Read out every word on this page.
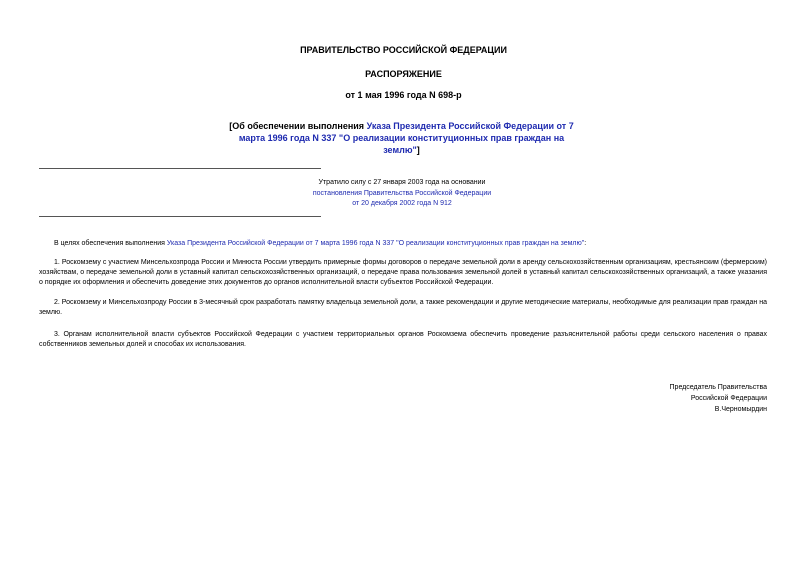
ПРАВИТЕЛЬСТВО РОССИЙСКОЙ ФЕДЕРАЦИИ
РАСПОРЯЖЕНИЕ
от 1 мая 1996 года N 698-р
[Об обеспечении выполнения Указа Президента Российской Федерации от 7 марта 1996 года N 337 "О реализации конституционных прав граждан на землю"]
Утратило силу с 27 января 2003 года на основании
постановления Правительства Российской Федерации
от 20 декабря 2002 года N 912
В целях обеспечения выполнения Указа Президента Российской Федерации от 7 марта 1996 года N 337 "О реализации конституционных прав граждан на землю":
1. Роскомзему с участием Минсельхозпрода России и Минюста России утвердить примерные формы договоров о передаче земельной доли в аренду сельскохозяйственным организациям, крестьянским (фермерским) хозяйствам, о передаче земельной доли в уставный капитал сельскохозяйственных организаций, о передаче права пользования земельной долей в уставный капитал сельскохозяйственных организаций, а также указания о порядке их оформления и обеспечить доведение этих документов до органов исполнительной власти субъектов Российской Федерации.
2. Роскомзему и Минсельхозпроду России в 3-месячный срок разработать памятку владельца земельной доли, а также рекомендации и другие методические материалы, необходимые для реализации прав граждан на землю.
3. Органам исполнительной власти субъектов Российской Федерации с участием территориальных органов Роскомзема обеспечить проведение разъяснительной работы среди сельского населения о правах собственников земельных долей и способах их использования.
Председатель Правительства
Российской Федерации
В.Черномырдин
